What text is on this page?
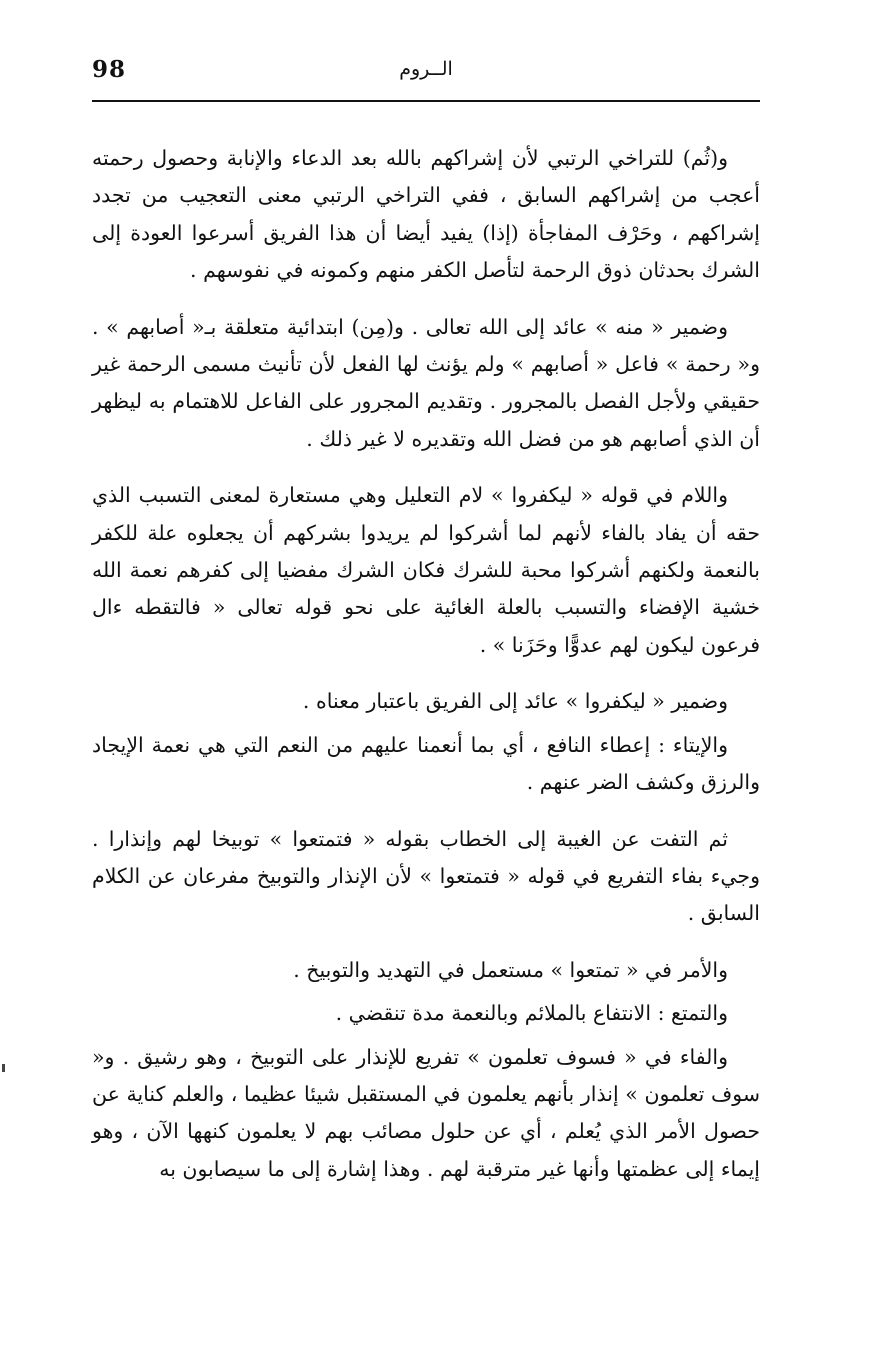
98	الــروم

و(ثُم) للتراخي الرتبي لأن إشراكهم بالله بعد الدعاء والإنابة وحصول رحمته أعجب من إشراكهم السابق ، ففي التراخي الرتبي معنى التعجيب من تجدد إشراكهم ، وحَرْف المفاجأة (إذا) يفيد أيضا أن هذا الفريق أسرعوا العودة إلى الشرك بحدثان ذوق الرحمة لتأصل الكفر منهم وكمونه في نفوسهم .

وضمير « منه » عائد إلى الله تعالى . و(مِن) ابتدائية متعلقة بـ« أصابهم » . و« رحمة » فاعل « أصابهم » ولم يؤنث لها الفعل لأن تأنيث مسمى الرحمة غير حقيقي ولأجل الفصل بالمجرور . وتقديم المجرور على الفاعل للاهتمام به ليظهر أن الذي أصابهم هو من فضل الله وتقديره لا غير ذلك .

واللام في قوله « ليكفروا » لام التعليل وهي مستعارة لمعنى التسبب الذي حقه أن يفاد بالفاء لأنهم لما أشركوا لم يريدوا بشركهم أن يجعلوه علة للكفر بالنعمة ولكنهم أشركوا محبة للشرك فكان الشرك مفضيا إلى كفرهم نعمة الله خشية الإفضاء والتسبب بالعلة الغائية على نحو قوله تعالى « فالتقطه ءال فرعون ليكون لهم عدوًّا وحَزَنا » .

وضمير « ليكفروا » عائد إلى الفريق باعتبار معناه .

والإيتاء : إعطاء النافع ، أي بما أنعمنا عليهم من النعم التي هي نعمة الإيجاد والرزق وكشف الضر عنهم .

ثم التفت عن الغيبة إلى الخطاب بقوله « فتمتعوا » توبيخا لهم وإنذارا . وجيء بفاء التفريع في قوله « فتمتعوا » لأن الإنذار والتوبيخ مفرعان عن الكلام السابق .

والأمر في « تمتعوا » مستعمل في التهديد والتوبيخ .

والتمتع : الانتفاع بالملائم وبالنعمة مدة تنقضي .

والفاء في « فسوف تعلمون » تفريع للإنذار على التوبيخ ، وهو رشيق . و« سوف تعلمون » إنذار بأنهم يعلمون في المستقبل شيئا عظيما ، والعلم كناية عن حصول الأمر الذي يُعلم ، أي عن حلول مصائب بهم لا يعلمون كنهها الآن ، وهو إيماء إلى عظمتها وأنها غير مترقبة لهم . وهذا إشارة إلى ما سيصابون به
